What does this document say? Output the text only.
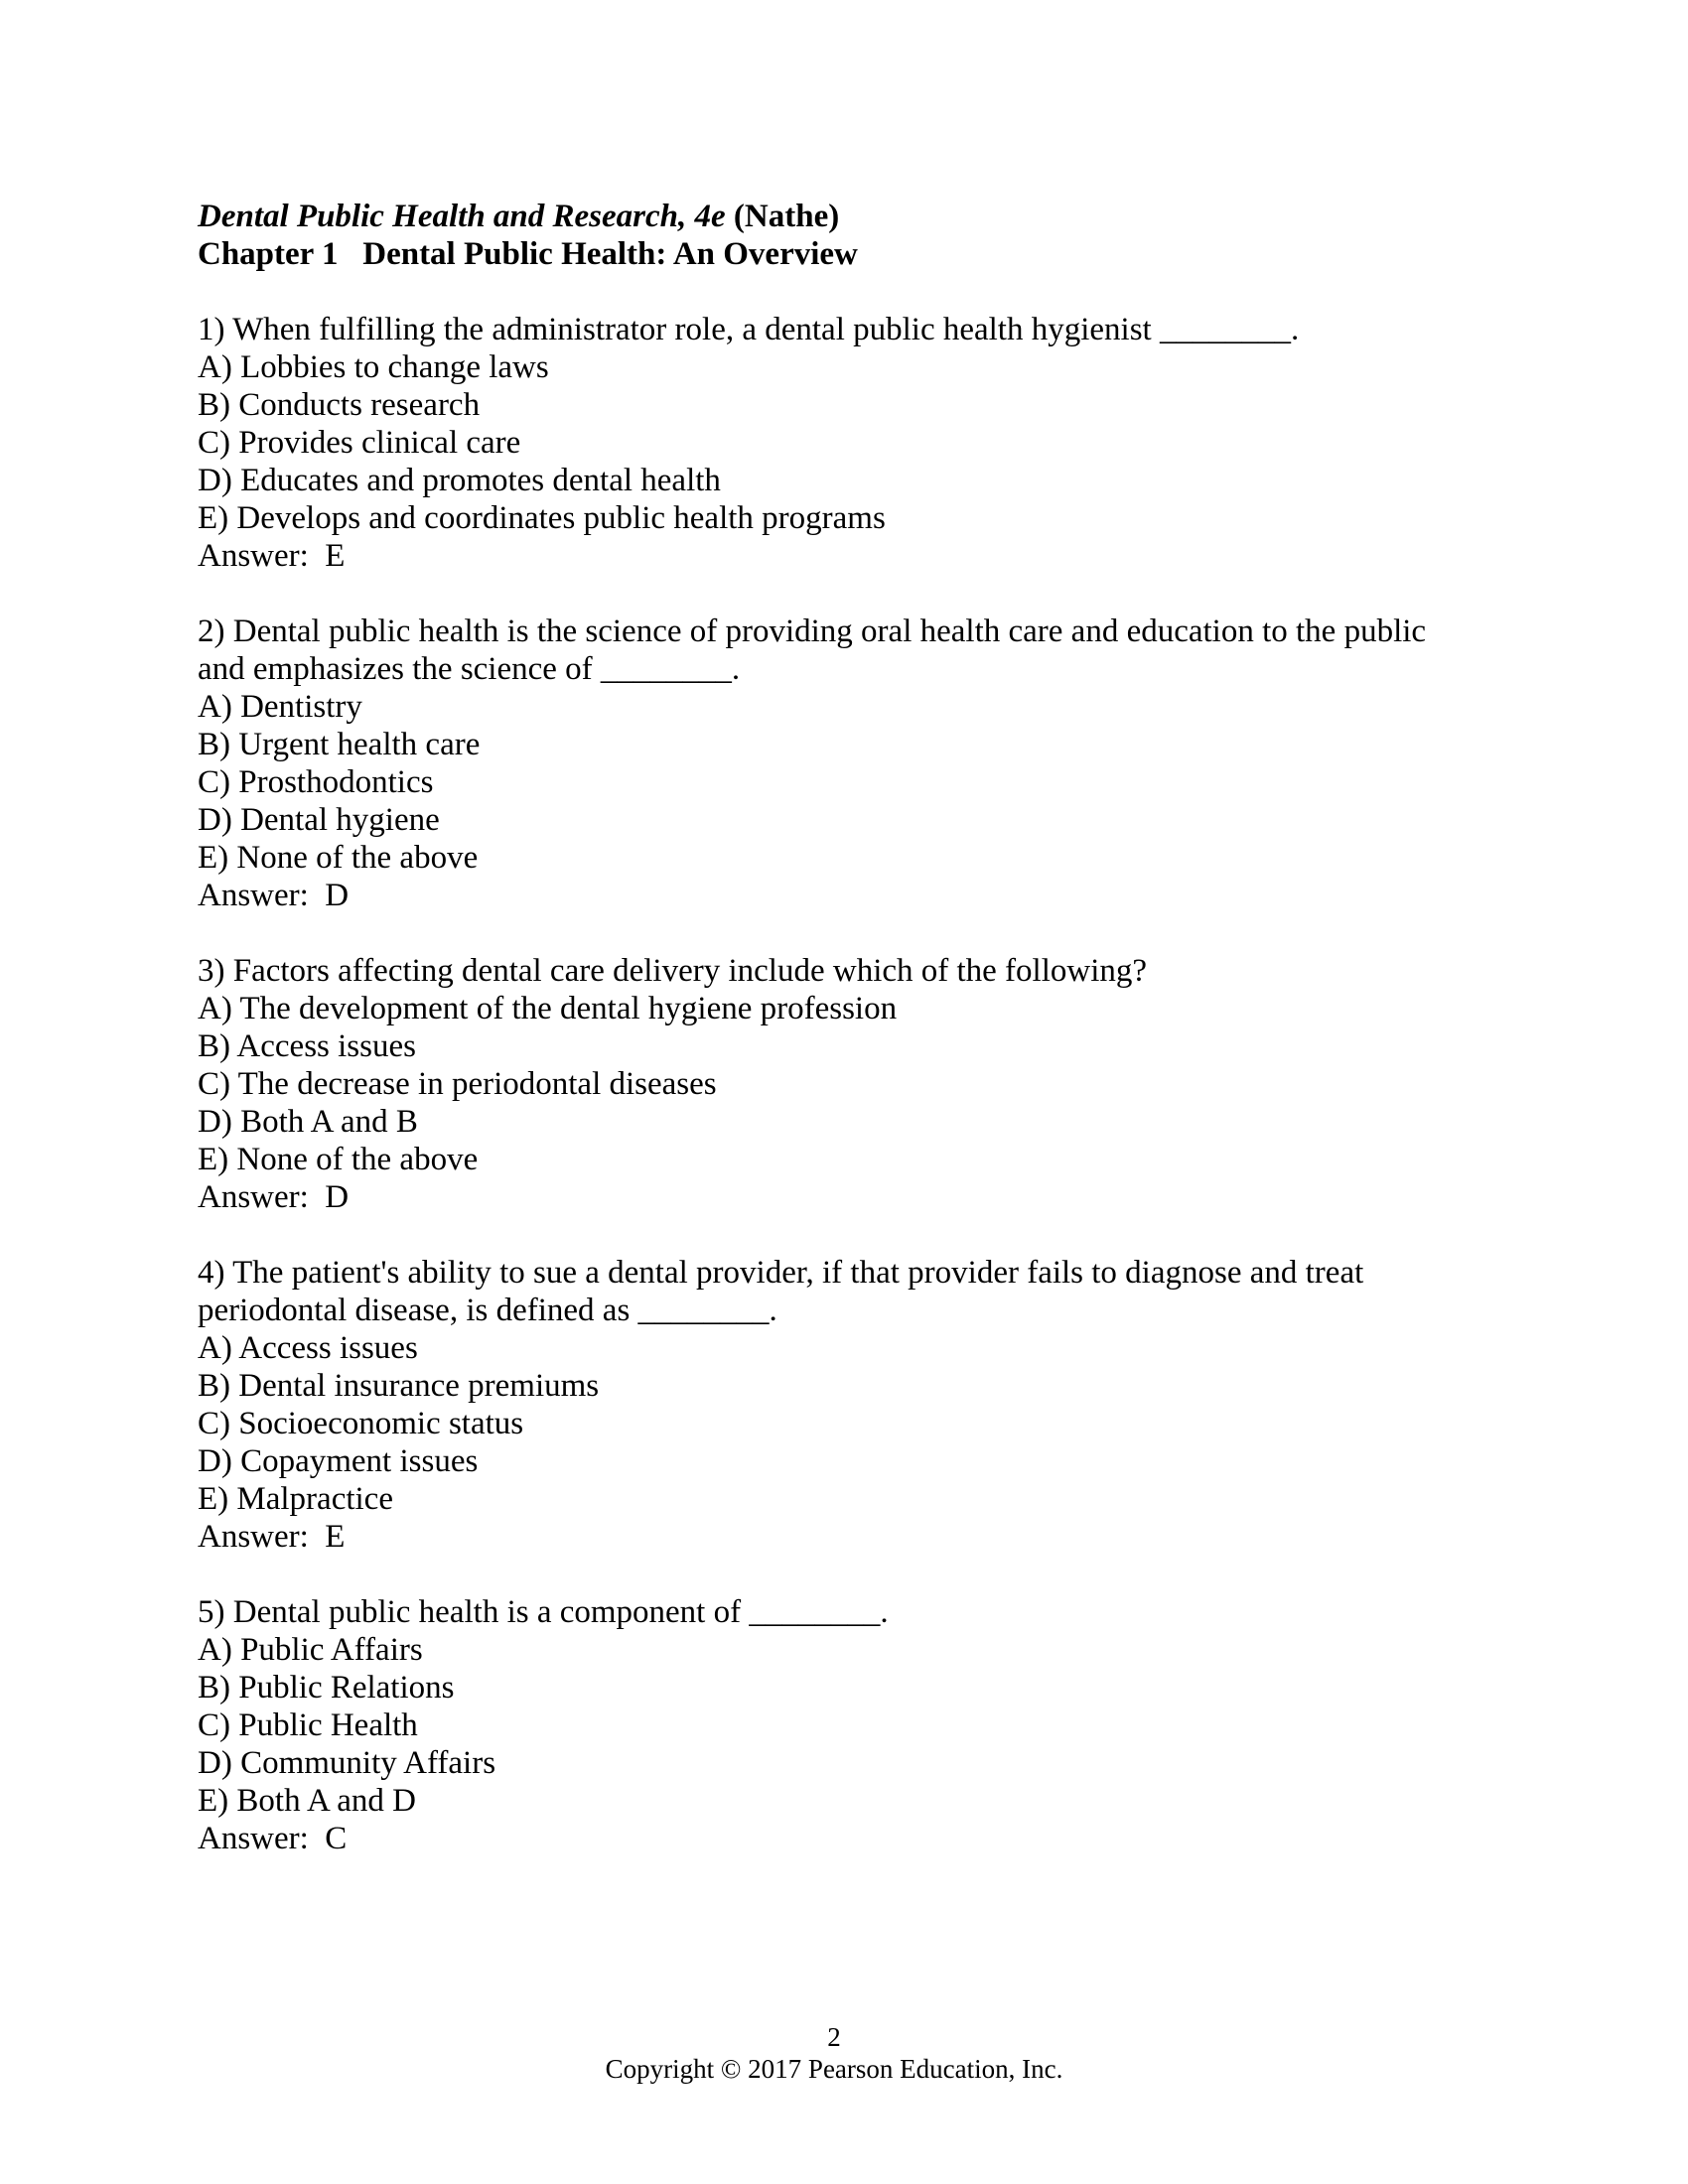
Dental Public Health and Research, 4e (Nathe)
Chapter 1 Dental Public Health: An Overview
1) When fulfilling the administrator role, a dental public health hygienist ________.
A) Lobbies to change laws
B) Conducts research
C) Provides clinical care
D) Educates and promotes dental health
E) Develops and coordinates public health programs
Answer:  E
2) Dental public health is the science of providing oral health care and education to the public
and emphasizes the science of ________.
A) Dentistry
B) Urgent health care
C) Prosthodontics
D) Dental hygiene
E) None of the above
Answer:  D
3) Factors affecting dental care delivery include which of the following?
A) The development of the dental hygiene profession
B) Access issues
C) The decrease in periodontal diseases
D) Both A and B
E) None of the above
Answer:  D
4) The patient's ability to sue a dental provider, if that provider fails to diagnose and treat
periodontal disease, is defined as ________.
A) Access issues
B) Dental insurance premiums
C) Socioeconomic status
D) Copayment issues
E) Malpractice
Answer:  E
5) Dental public health is a component of ________.
A) Public Affairs
B) Public Relations
C) Public Health
D) Community Affairs
E) Both A and D
Answer:  C
2
Copyright © 2017 Pearson Education, Inc.
